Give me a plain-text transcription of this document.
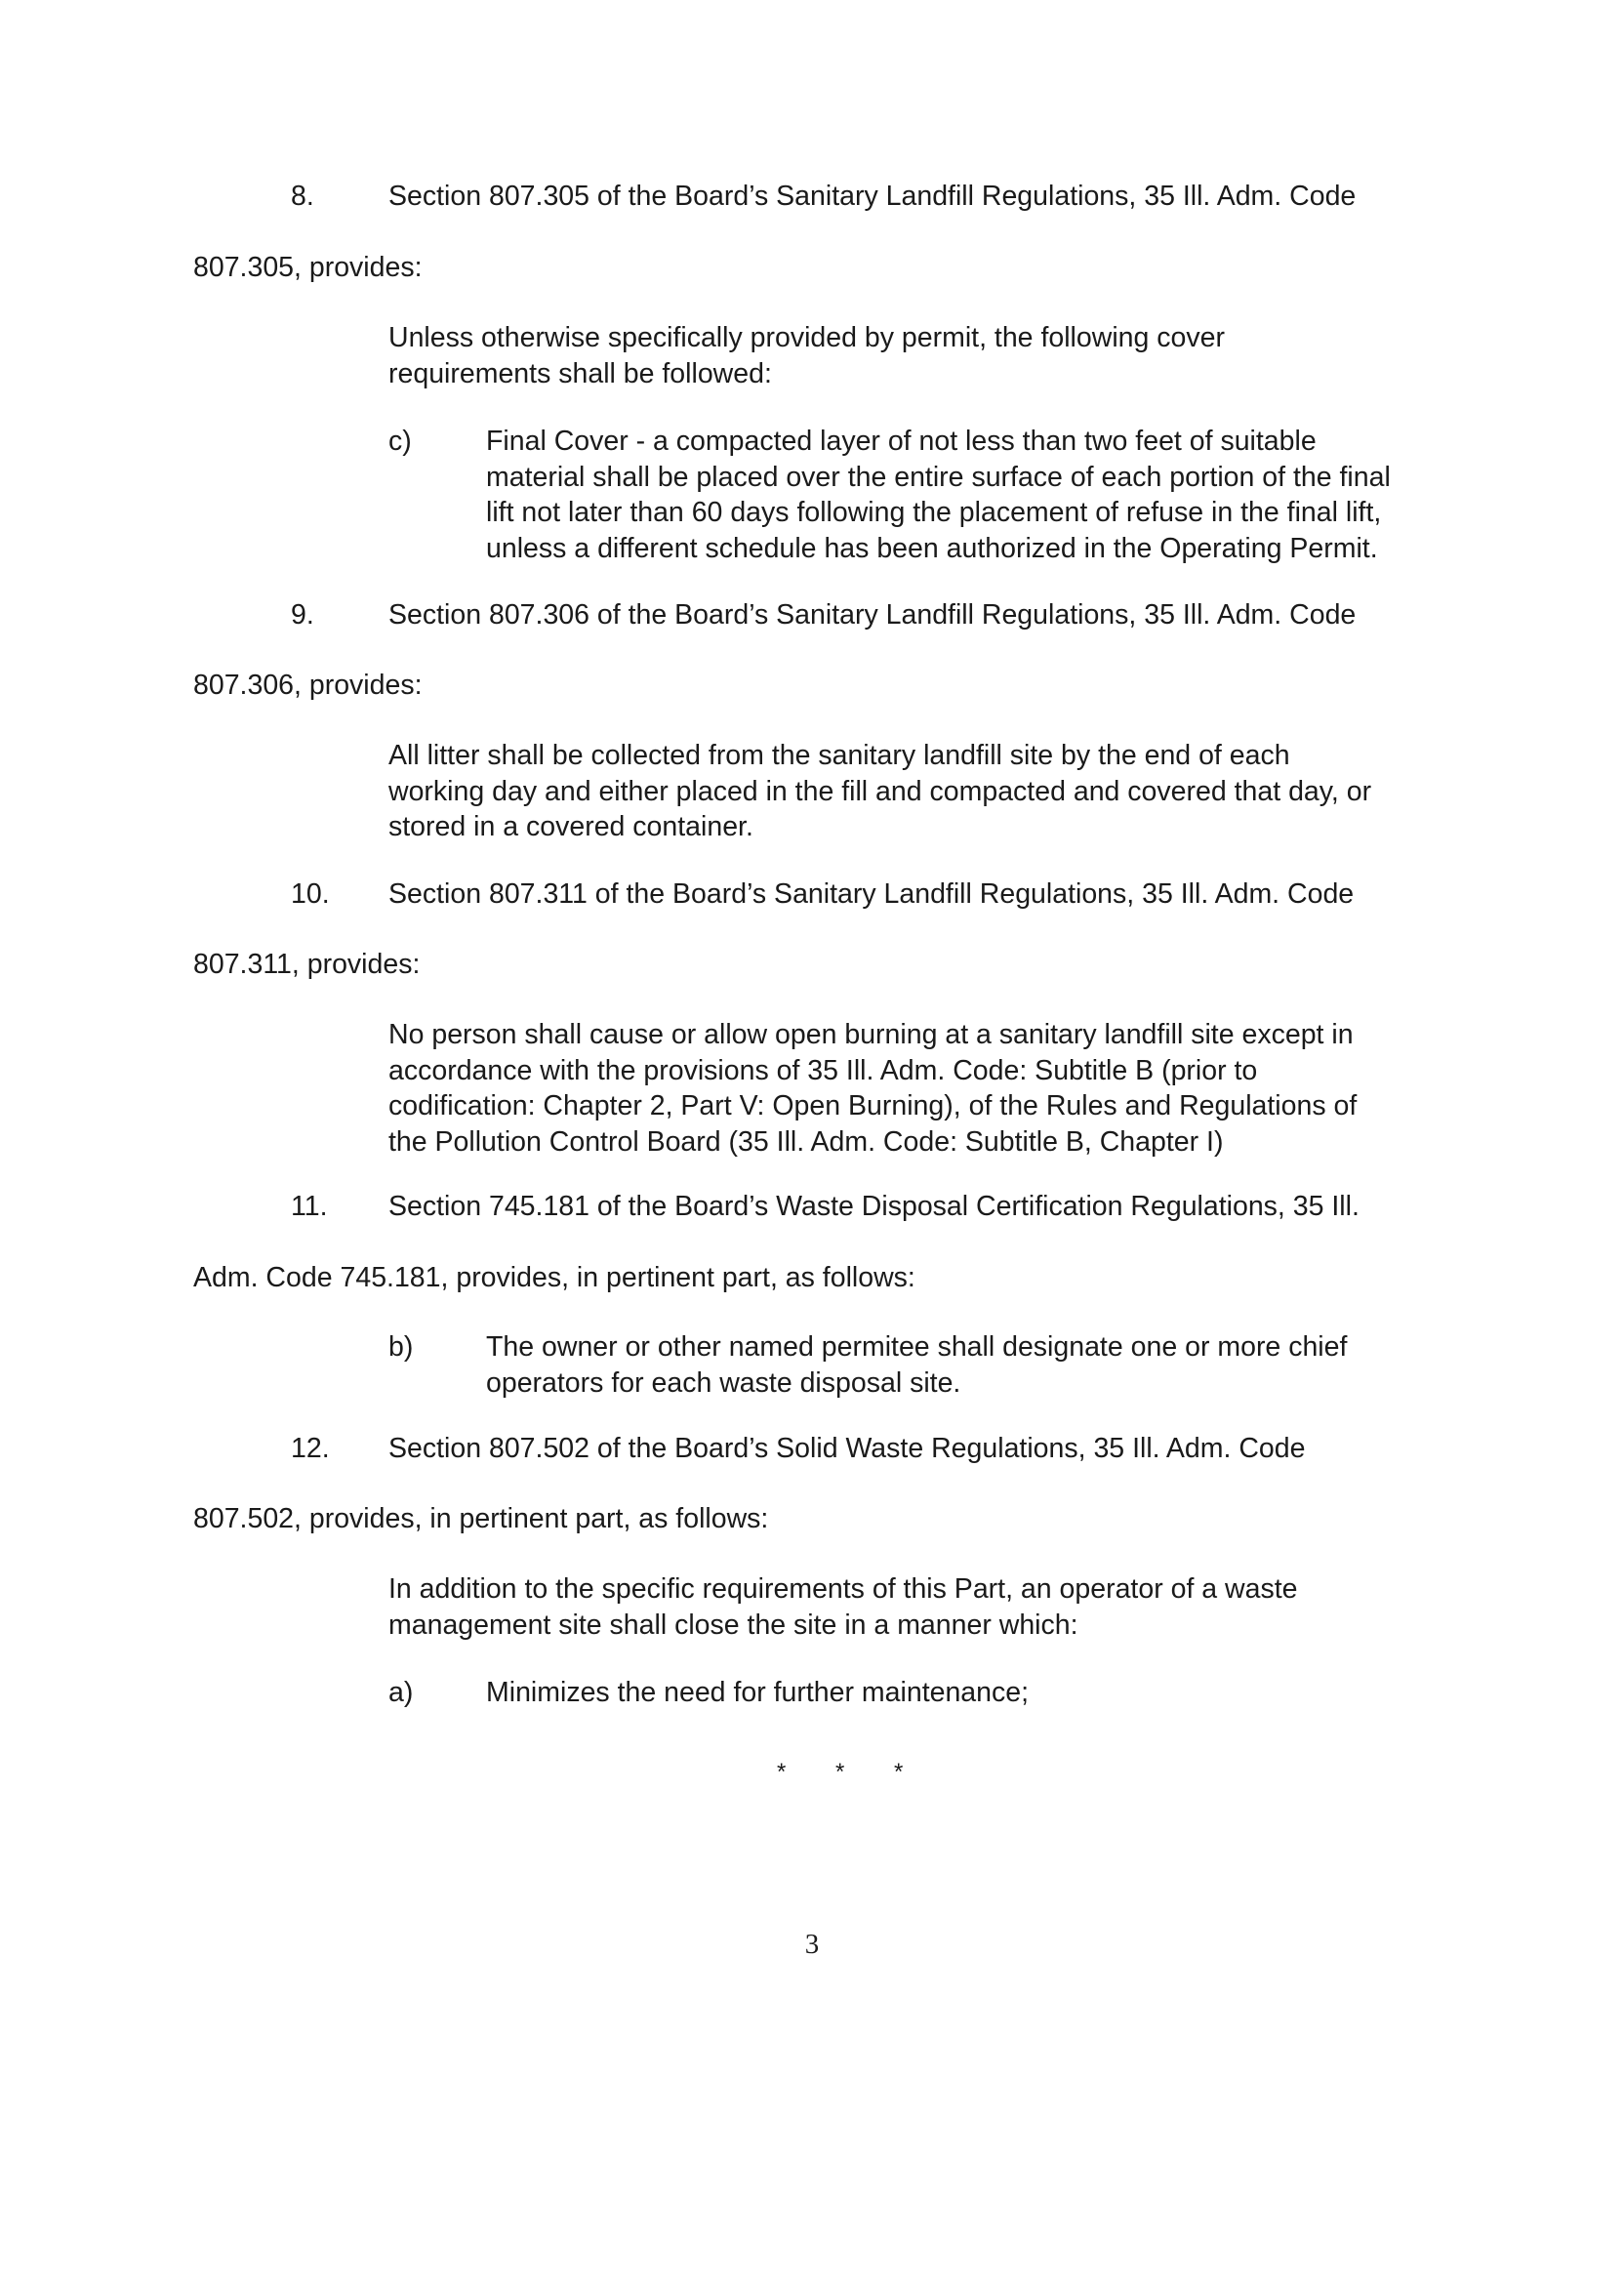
8.	Section 807.305 of the Board’s Sanitary Landfill Regulations, 35 Ill. Adm. Code
807.305, provides:

Unless otherwise specifically provided by permit, the following cover

requirements shall be followed:

c)	Final Cover - a compacted layer of not less than two feet of suitable

material shall be placed over the entire surface of each portion of the final

lift not later than 60 days following the placement of refuse in the final lift,

unless a different schedule has been authorized in the Operating Permit.

9.	Section 807.306 of the Board’s Sanitary Landfill Regulations, 35 Ill. Adm. Code
807.306, provides:

All litter shall be collected from the sanitary landfill site by the end of each

working day and either placed in the fill and compacted and covered that day, or

stored in a covered container.

10. Section 807.311 of the Board’s Sanitary Landfill Regulations, 35 Ill. Adm. Code
807.311, provides:

No person shall cause or allow open burning at a sanitary landfill site except in

accordance with the provisions of 35 Ill. Adm. Code: Subtitle B (prior to

codification: Chapter 2, Part V: Open Burning), of the Rules and Regulations of

the Pollution Control Board (35 Ill. Adm. Code: Subtitle B, Chapter I)

11. Section 745.181 of the Board’s Waste Disposal Certification Regulations, 35 Ill.
Adm. Code 745.181, provides, in pertinent part, as follows:
b)	The owner or other named permitee shall designate one or more chief

operators for each waste disposal site.

12. Section 807.502 of the Board’s Solid Waste Regulations, 35 Ill. Adm. Code
807.502, provides, in pertinent part, as follows:

In addition to the specific requirements of this Part, an operator of a waste

management site shall close the site in a manner which:

a)	Minimizes the need for further maintenance;
* * *
3
